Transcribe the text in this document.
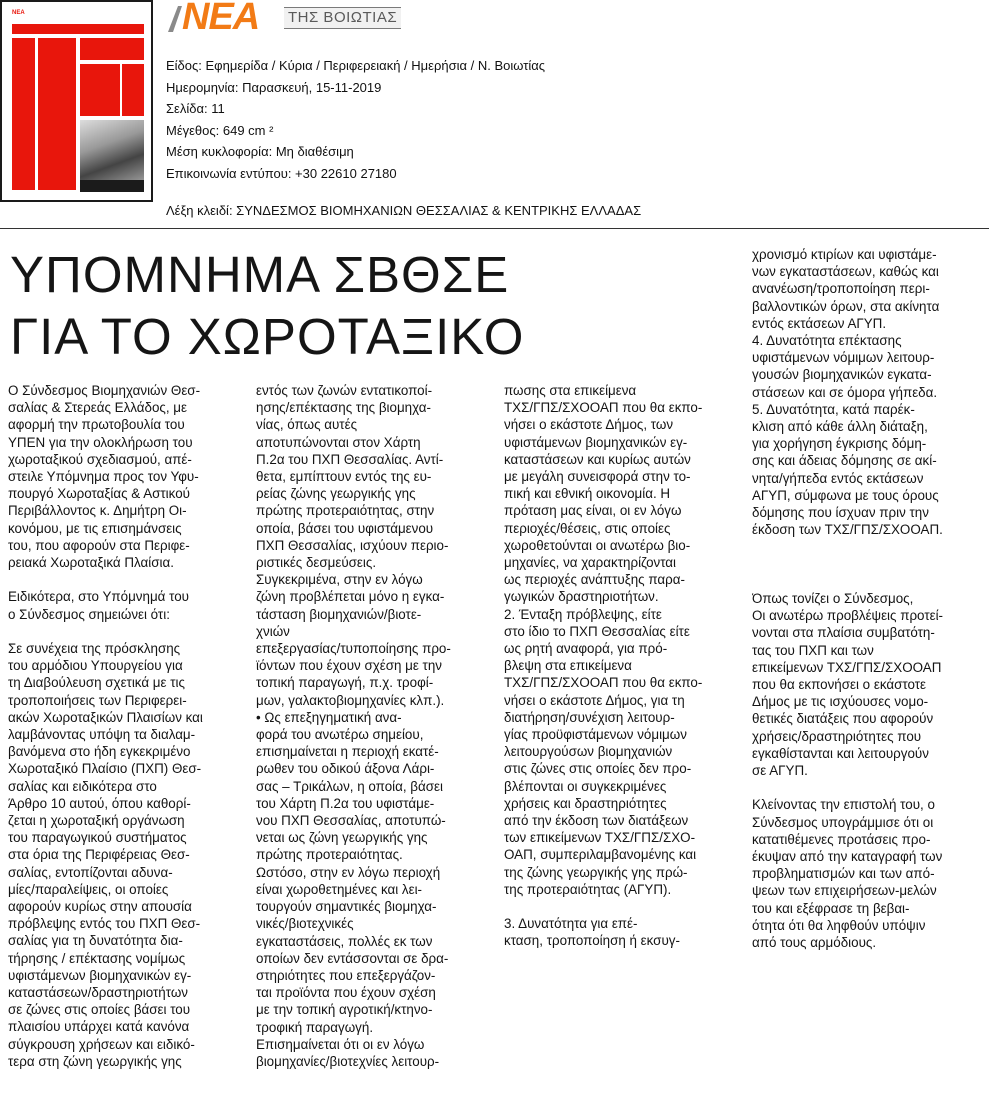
ΝΕΑ	ΝΕΑ ΤΗΣ ΒΟΙΩΤΙΑΣ
Είδος: Εφημερίδα / Κύρια / Περιφερειακή / Ημερήσια / Ν. Βοιωτίας
Ημερομηνία: Παρασκευή, 15-11-2019
Σελίδα: 11
Μέγεθος: 649 cm ²
Μέση κυκλοφορία: Μη διαθέσιμη
Επικοινωνία εντύπου: +30 22610 27180
Λέξη κλειδί: ΣΥΝΔΕΣΜΟΣ ΒΙΟΜΗΧΑΝΙΩΝ ΘΕΣΣΑΛΙΑΣ & ΚΕΝΤΡΙΚΗΣ ΕΛΛΑΔΑΣ
ΥΠΟΜΝΗΜΑ ΣΒΘΣΕ
ΓΙΑ ΤΟ ΧΩΡΟΤΑΞΙΚΟ

Ο Σύνδεσμος Βιομηχανιών Θεσ-
σαλίας & Στερεάς Ελλάδος, με
αφορμή την πρωτοβουλία του
ΥΠΕΝ για την ολοκλήρωση του
χωροταξικού σχεδιασμού, απέ-
στειλε Υπόμνημα προς τον Υφυ-
πουργό Χωροταξίας & Αστικού
Περιβάλλοντος κ. Δημήτρη Οι-
κονόμου, με τις επισημάνσεις
του, που αφορούν στα Περιφε-
ρειακά Χωροταξικά Πλαίσια.

Ειδικότερα, στο Υπόμνημά του
ο Σύνδεσμος σημειώνει ότι:

Σε συνέχεια της πρόσκλησης
του αρμόδιου Υπουργείου για
τη Διαβούλευση σχετικά με τις
τροποποιήσεις των Περιφερει-
ακών Χωροταξικών Πλαισίων και
λαμβάνοντας υπόψη τα διαλαμ-
βανόμενα στο ήδη εγκεκριμένο
Χωροταξικό Πλαίσιο (ΠΧΠ) Θεσ-
σαλίας και ειδικότερα στο
Άρθρο 10 αυτού, όπου καθορί-
ζεται η χωροταξική οργάνωση
του παραγωγικού συστήματος
στα όρια της Περιφέρειας Θεσ-
σαλίας, εντοπίζονται αδυνα-
μίες/παραλείψεις, οι οποίες
αφορούν κυρίως στην απουσία
πρόβλεψης εντός του ΠΧΠ Θεσ-
σαλίας για τη δυνατότητα δια-
τήρησης / επέκτασης νομίμως
υφιστάμενων βιομηχανικών εγ-
καταστάσεων/δραστηριοτήτων
σε ζώνες στις οποίες βάσει του
πλαισίου υπάρχει κατά κανόνα
σύγκρουση χρήσεων και ειδικό-
τερα στη ζώνη γεωργικής γης

εντός των ζωνών εντατικοποί-
ησης/επέκτασης της βιομηχα-
νίας, όπως αυτές
αποτυπώνονται στον Χάρτη
Π.2α του ΠΧΠ Θεσσαλίας. Αντί-
θετα, εμπίπτουν εντός της ευ-
ρείας ζώνης γεωργικής γης
πρώτης προτεραιότητας, στην
οποία, βάσει του υφιστάμενου
ΠΧΠ Θεσσαλίας, ισχύουν περιο-
ριστικές δεσμεύσεις.
Συγκεκριμένα, στην εν λόγω
ζώνη προβλέπεται μόνο η εγκα-
τάσταση βιομηχανιών/βιοτε-
χνιών
επεξεργασίας/τυποποίησης προ-
ϊόντων που έχουν σχέση με την
τοπική παραγωγή, π.χ. τροφί-
μων, γαλακτοβιομηχανίες κλπ.).
• Ως επεξηγηματική ανα-
φορά του ανωτέρω σημείου,
επισημαίνεται η περιοχή εκατέ-
ρωθεν του οδικού άξονα Λάρι-
σας – Τρικάλων, η οποία, βάσει
του Χάρτη Π.2α του υφιστάμε-
νου ΠΧΠ Θεσσαλίας, αποτυπώ-
νεται ως ζώνη γεωργικής γης
πρώτης προτεραιότητας.
Ωστόσο, στην εν λόγω περιοχή
είναι χωροθετημένες και λει-
τουργούν σημαντικές βιομηχα-
νικές/βιοτεχνικές
εγκαταστάσεις, πολλές εκ των
οποίων δεν εντάσσονται σε δρα-
στηριότητες που επεξεργάζον-
ται προϊόντα που έχουν σχέση
με την τοπική αγροτική/κτηνο-
τροφική παραγωγή.
Επισημαίνεται ότι οι εν λόγω
βιομηχανίες/βιοτεχνίες λειτουρ-

πωσης στα επικείμενα
ΤΧΣ/ΓΠΣ/ΣΧΟΟΑΠ που θα εκπο-
νήσει ο εκάστοτε Δήμος, των
υφιστάμενων βιομηχανικών εγ-
καταστάσεων και κυρίως αυτών
με μεγάλη συνεισφορά στην το-
πική και εθνική οικονομία. Η
πρόταση μας είναι, οι εν λόγω
περιοχές/θέσεις, στις οποίες
χωροθετούνται οι ανωτέρω βιο-
μηχανίες, να χαρακτηρίζονται
ως περιοχές ανάπτυξης παρα-
γωγικών δραστηριοτήτων.
2. Ένταξη πρόβλεψης, είτε
στο ίδιο το ΠΧΠ Θεσσαλίας είτε
ως ρητή αναφορά, για πρό-
βλεψη στα επικείμενα
ΤΧΣ/ΓΠΣ/ΣΧΟΟΑΠ που θα εκπο-
νήσει ο εκάστοτε Δήμος, για τη
διατήρηση/συνέχιση λειτουρ-
γίας προϋφιστάμενων νόμιμων
λειτουργούσων βιομηχανιών
στις ζώνες στις οποίες δεν προ-
βλέπονται οι συγκεκριμένες
χρήσεις και δραστηριότητες
από την έκδοση των διατάξεων
των επικείμενων ΤΧΣ/ΓΠΣ/ΣΧΟ-
ΟΑΠ, συμπεριλαμβανομένης και
της ζώνης γεωργικής γης πρώ-
της προτεραιότητας (ΑΓΥΠ).

3. Δυνατότητα για επέ-
κταση, τροποποίηση ή εκσυγ-

χρονισμό κτιρίων και υφιστάμε-
νων εγκαταστάσεων, καθώς και
ανανέωση/τροποποίηση περι-
βαλλοντικών όρων, στα ακίνητα
εντός εκτάσεων ΑΓΥΠ.
4. Δυνατότητα επέκτασης
υφιστάμενων νόμιμων λειτουρ-
γουσών βιομηχανικών εγκατα-
στάσεων και σε όμορα γήπεδα.
5. Δυνατότητα, κατά παρέκ-
κλιση από κάθε άλλη διάταξη,
για χορήγηση έγκρισης δόμη-
σης και άδειας δόμησης σε ακί-
νητα/γήπεδα εντός εκτάσεων
ΑΓΥΠ, σύμφωνα με τους όρους
δόμησης που ίσχυαν πριν την
έκδοση των ΤΧΣ/ΓΠΣ/ΣΧΟΟΑΠ.

Όπως τονίζει ο Σύνδεσμος,
Οι ανωτέρω προβλέψεις προτεί-
νονται στα πλαίσια συμβατότη-
τας του ΠΧΠ και των
επικείμενων ΤΧΣ/ΓΠΣ/ΣΧΟΟΑΠ
που θα εκπονήσει ο εκάστοτε
Δήμος με τις ισχύουσες νομο-
θετικές διατάξεις που αφορούν
χρήσεις/δραστηριότητες που
εγκαθίστανται και λειτουργούν
σε ΑΓΥΠ.

Κλείνοντας την επιστολή του, ο
Σύνδεσμος υπογράμμισε ότι οι
κατατιθέμενες προτάσεις προ-
έκυψαν από την καταγραφή των
προβληματισμών και των από-
ψεων των επιχειρήσεων-μελών
του και εξέφρασε τη βεβαι-
ότητα ότι θα ληφθούν υπόψιν
από τους αρμόδιους.
